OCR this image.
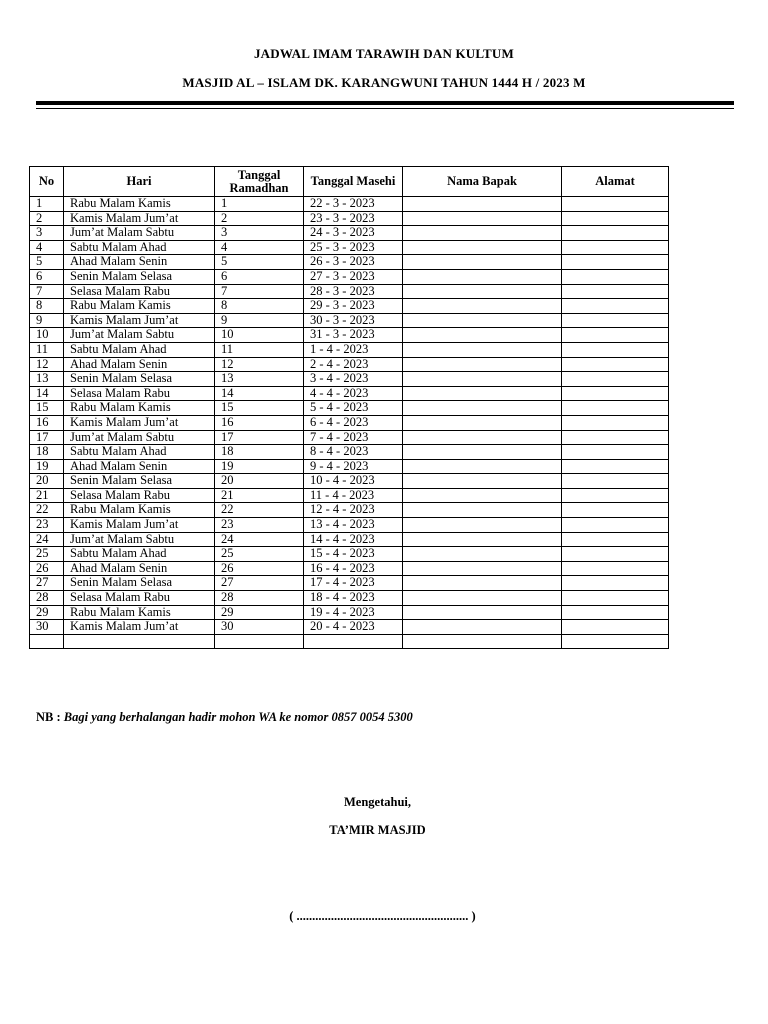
JADWAL IMAM TARAWIH DAN KULTUM
MASJID AL – ISLAM DK. KARANGWUNI TAHUN 1444 H / 2023 M
No	Hari	Tanggal Ramadhan	Tanggal Masehi	Nama Bapak	Alamat
1	Rabu Malam Kamis	1	22 - 3 - 2023		
2	Kamis Malam Jum’at	2	23 - 3 - 2023		
3	Jum’at Malam Sabtu	3	24 - 3 - 2023		
4	Sabtu Malam Ahad	4	25 - 3 - 2023		
5	Ahad Malam Senin	5	26 - 3 - 2023		
6	Senin Malam Selasa	6	27 - 3 - 2023		
7	Selasa Malam Rabu	7	28 - 3 - 2023		
8	Rabu Malam Kamis	8	29 - 3 - 2023		
9	Kamis Malam Jum’at	9	30 - 3 - 2023		
10	Jum’at Malam Sabtu	10	31 - 3 - 2023		
11	Sabtu Malam Ahad	11	1 - 4 - 2023		
12	Ahad Malam Senin	12	2 - 4 - 2023		
13	Senin Malam Selasa	13	3 - 4 - 2023		
14	Selasa Malam Rabu	14	4 - 4 - 2023		
15	Rabu Malam Kamis	15	5 - 4 - 2023		
16	Kamis Malam Jum’at	16	6 - 4 - 2023		
17	Jum’at Malam Sabtu	17	7 - 4 - 2023		
18	Sabtu Malam Ahad	18	8 - 4 - 2023		
19	Ahad Malam Senin	19	9 - 4 - 2023		
20	Senin Malam Selasa	20	10 - 4 - 2023		
21	Selasa Malam Rabu	21	11 - 4 - 2023		
22	Rabu Malam Kamis	22	12 - 4 - 2023		
23	Kamis Malam Jum’at	23	13 - 4 - 2023		
24	Jum’at Malam Sabtu	24	14 - 4 - 2023		
25	Sabtu Malam Ahad	25	15 - 4 - 2023		
26	Ahad Malam Senin	26	16 - 4 - 2023		
27	Senin Malam Selasa	27	17 - 4 - 2023		
28	Selasa Malam Rabu	28	18 - 4 - 2023		
29	Rabu Malam Kamis	29	19 - 4 - 2023		
30	Kamis Malam Jum’at	30	20 - 4 - 2023		

NB : Bagi yang berhalangan hadir mohon WA ke nomor 0857 0054 5300
Mengetahui,
TA’MIR MASJID
( ....................................................... )
